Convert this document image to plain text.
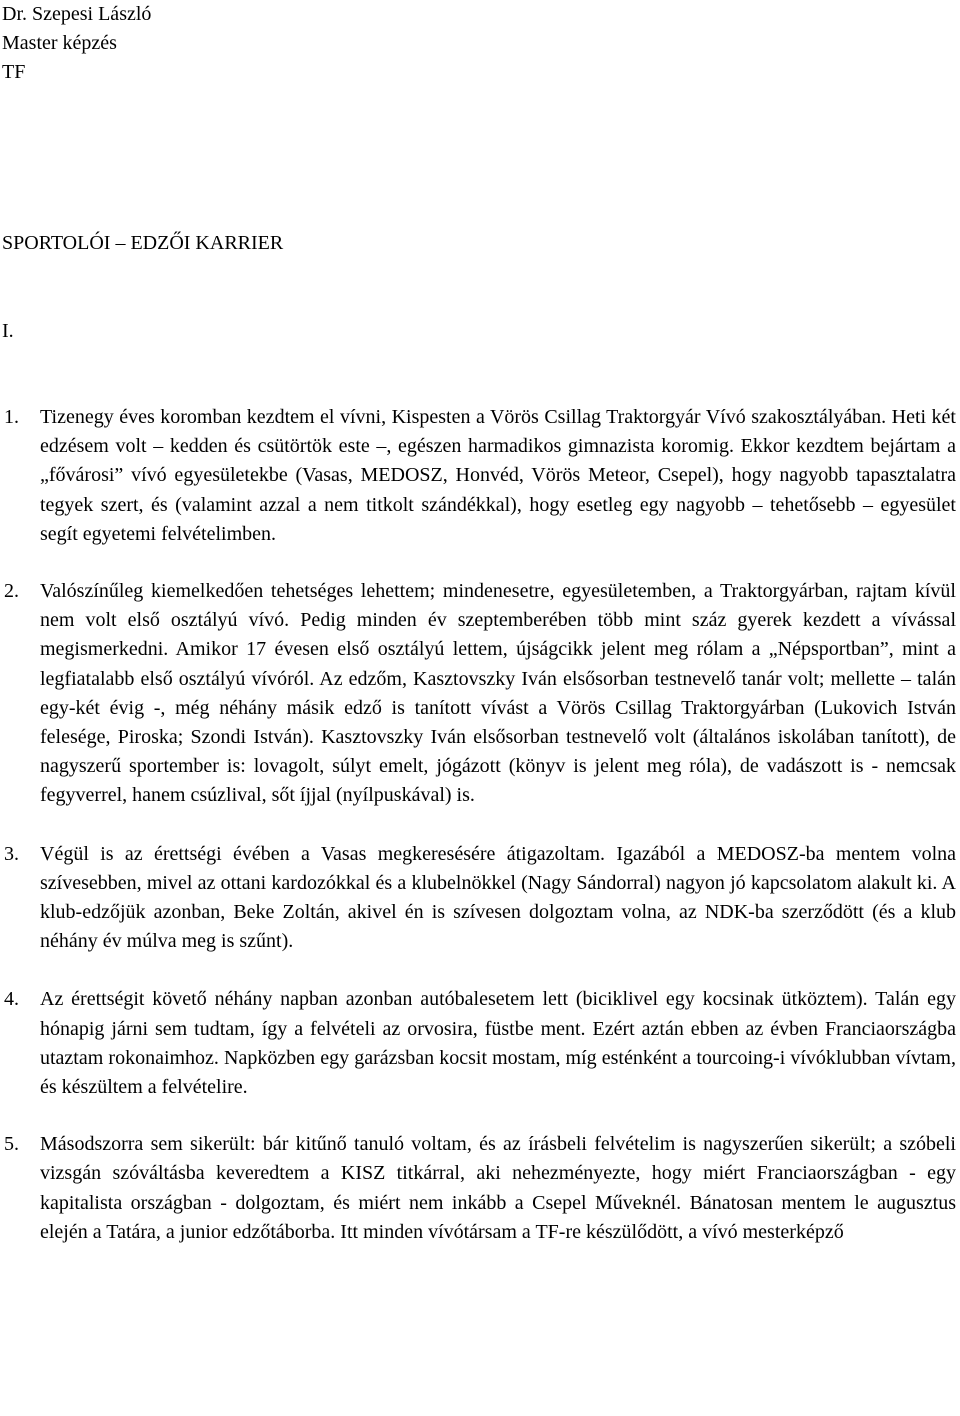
Dr. Szepesi László
Master képzés
TF
SPORTOLÓI – EDZŐI KARRIER
I.
1. Tizenegy éves koromban kezdtem el vívni, Kispesten a Vörös Csillag Traktorgyár Vívó szakosztályában. Heti két edzésem volt – kedden és csütörtök este –, egészen harmadikos gimnazista koromig. Ekkor kezdtem bejártam a „fővárosi” vívó egyesületekbe (Vasas, MEDOSZ, Honvéd, Vörös Meteor, Csepel), hogy nagyobb tapasztalatra tegyek szert, és (valamint azzal a nem titkolt szándékkal), hogy esetleg egy nagyobb – tehetősebb – egyesület segít egyetemi felvételimben.
2. Valószínűleg kiemelkedően tehetséges lehettem; mindenesetre, egyesületemben, a Traktorgyárban, rajtam kívül nem volt első osztályú vívó. Pedig minden év szeptemberében több mint száz gyerek kezdett a vívással megismerkedni. Amikor 17 évesen első osztályú lettem, újságcikk jelent meg rólam a „Népsportban”, mint a legfiatalabb első osztályú vívóról. Az edzőm, Kasztovszky Iván elsősorban testnevelő tanár volt; mellette – talán egy-két évig -, még néhány másik edző is tanított vívást a Vörös Csillag Traktorgyárban (Lukovich István felesége, Piroska; Szondi István). Kasztovszky Iván elsősorban testnevelő volt (általános iskolában tanított), de nagyszerű sportember is: lovagolt, súlyt emelt, jógázott (könyv is jelent meg róla), de vadászott is - nemcsak fegyverrel, hanem csúzlival, sőt íjjal (nyílpuskával) is.
3. Végül is az érettségi évében a Vasas megkeresésére átigazoltam. Igazából a MEDOSZ-ba mentem volna szívesebben, mivel az ottani kardozókkal és a klubelnökkel (Nagy Sándorral) nagyon jó kapcsolatom alakult ki. A klub-edzőjük azonban, Beke Zoltán, akivel én is szívesen dolgoztam volna, az NDK-ba szerződött (és a klub néhány év múlva meg is szűnt).
4. Az érettségit követő néhány napban azonban autóbalesetem lett (biciklivel egy kocsinak ütköztem). Talán egy hónapig járni sem tudtam, így a felvételi az orvosira, füstbe ment. Ezért aztán ebben az évben Franciaországba utaztam rokonaimhoz. Napközben egy garázsban kocsit mostam, míg esténként a tourcoing-i vívóklubban vívtam, és készültem a felvételire.
5. Másodszorra sem sikerült: bár kitűnő tanuló voltam, és az írásbeli felvételim is nagyszerűen sikerült; a szóbeli vizsgán szóváltásba keveredtem a KISZ titkárral, aki nehezményezte, hogy miért Franciaországban - egy kapitalista országban - dolgoztam, és miért nem inkább a Csepel Műveknél. Bánatosan mentem le augusztus elején a Tatára, a junior edzőtáborba. Itt minden vívótársam a TF-re készülődött, a vívó mesterképző
